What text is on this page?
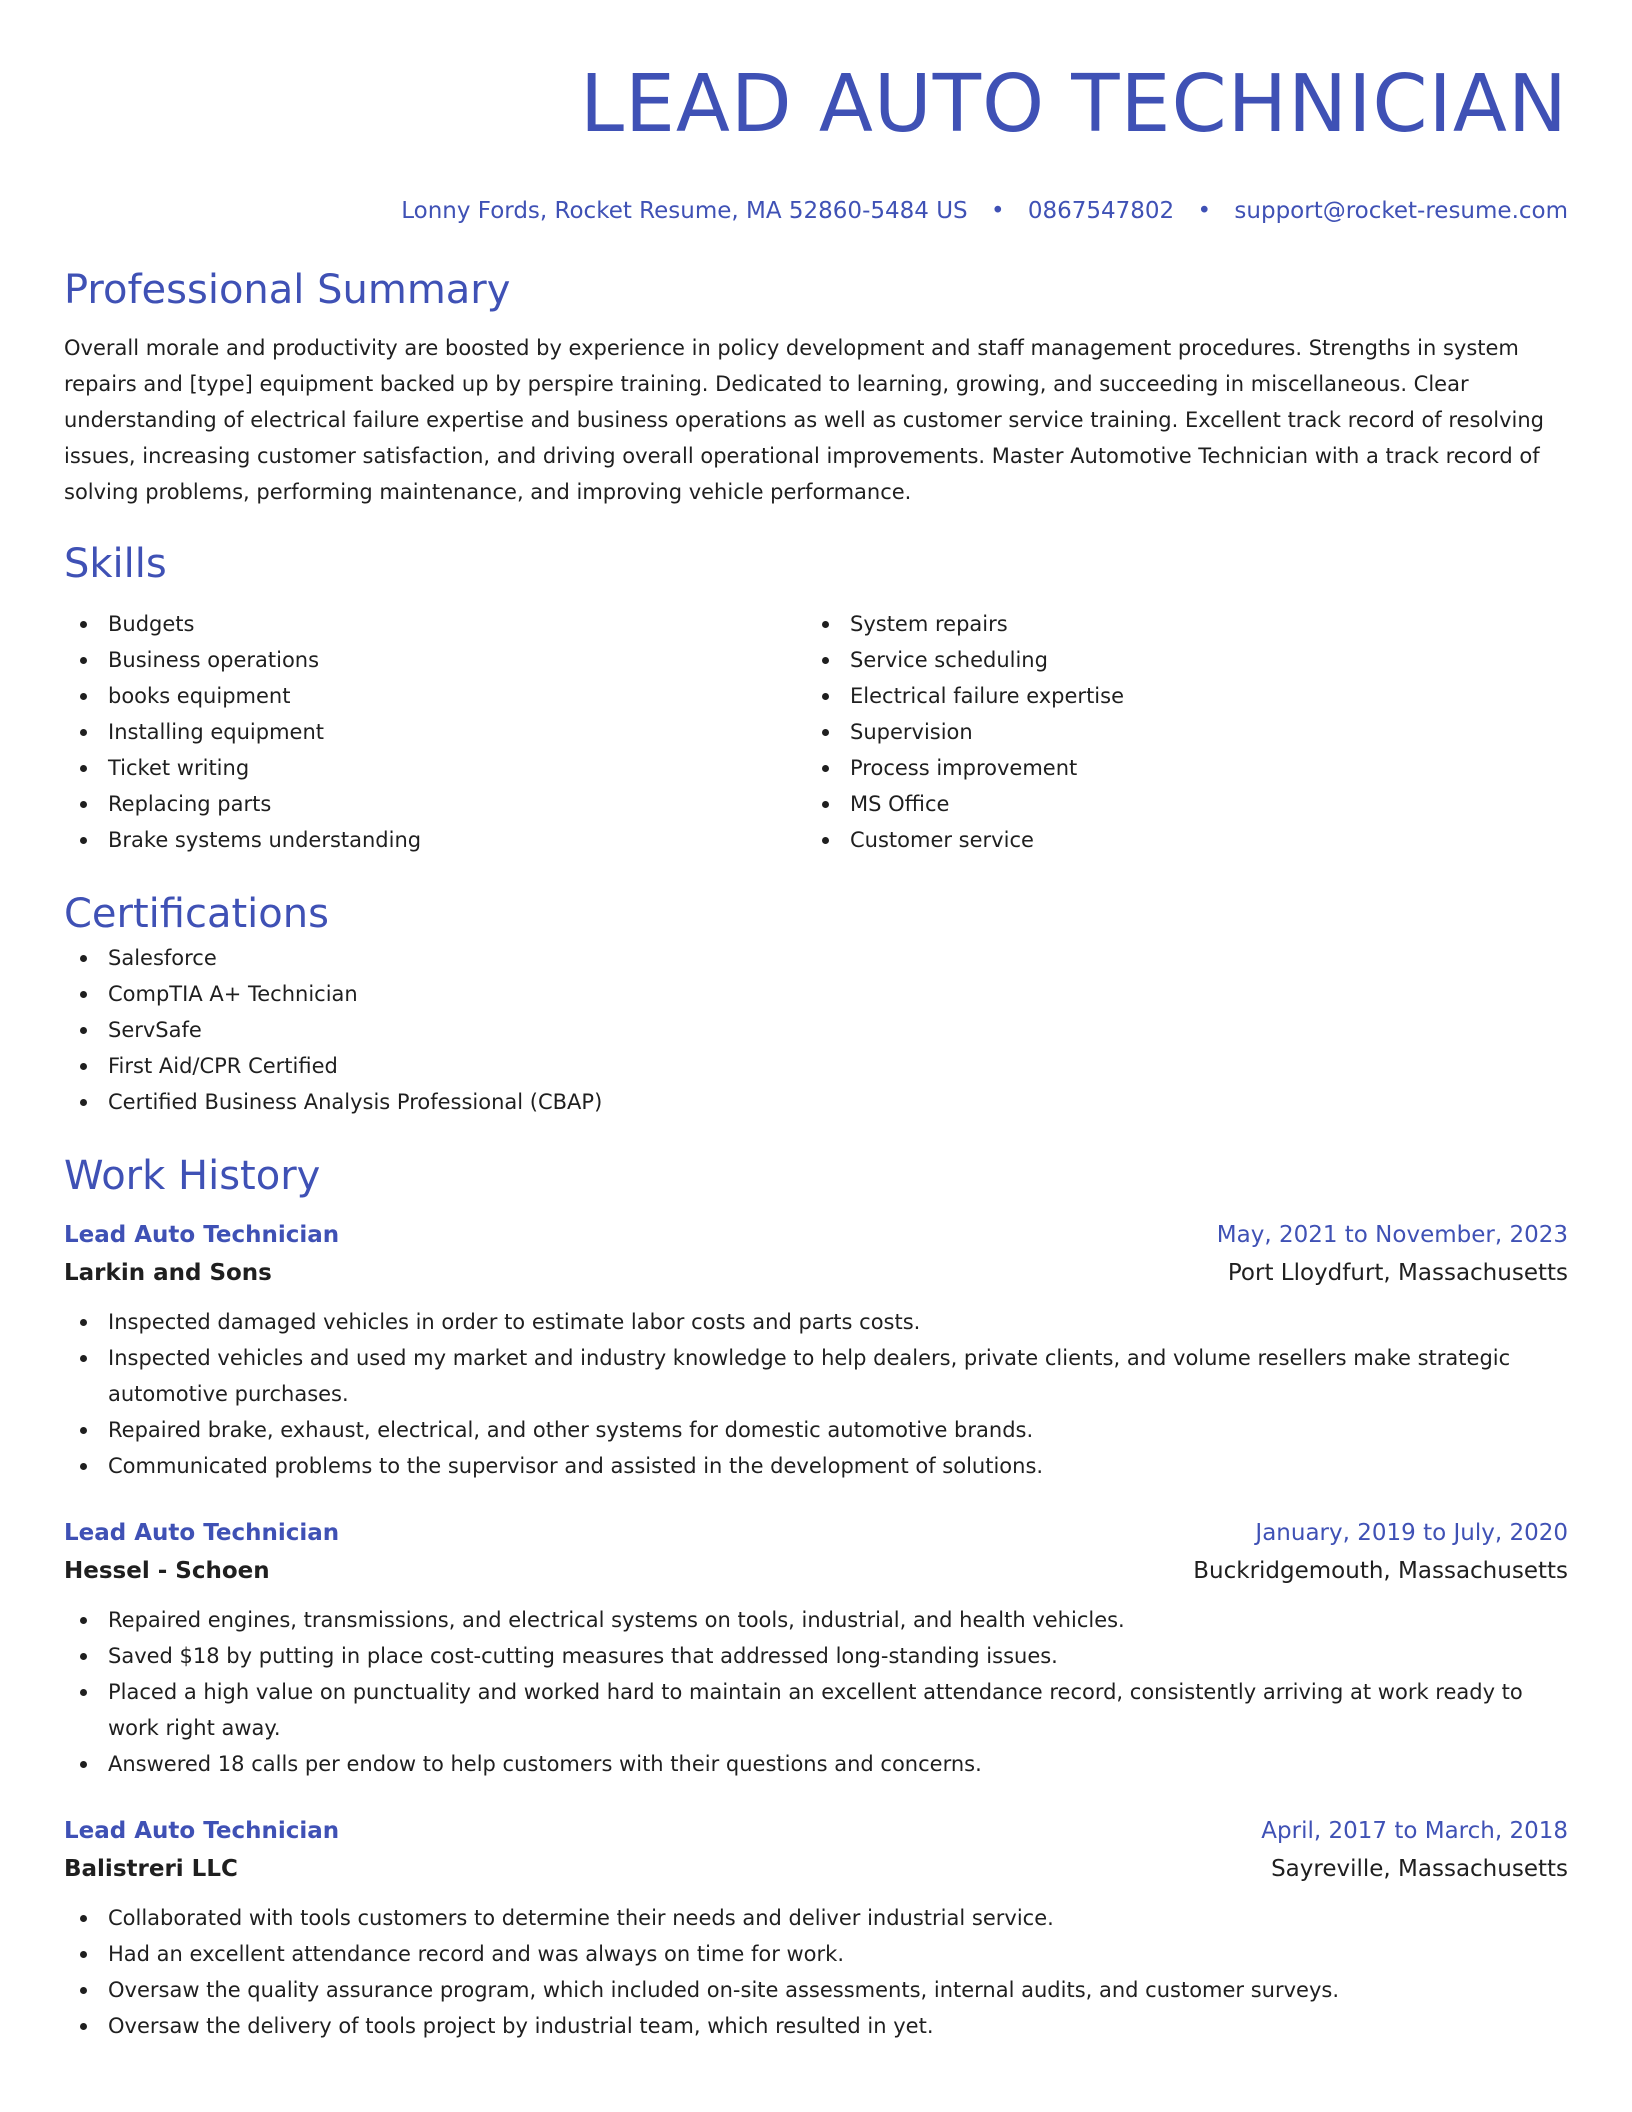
LEAD AUTO TECHNICIAN
Lonny Fords, Rocket Resume, MA 52860-5484 US • 0867547802 • support@rocket-resume.com
Professional Summary
Overall morale and productivity are boosted by experience in policy development and staff management procedures. Strengths in system repairs and [type] equipment backed up by perspire training. Dedicated to learning, growing, and succeeding in miscellaneous. Clear understanding of electrical failure expertise and business operations as well as customer service training. Excellent track record of resolving issues, increasing customer satisfaction, and driving overall operational improvements. Master Automotive Technician with a track record of solving problems, performing maintenance, and improving vehicle performance.
Skills
Budgets
Business operations
books equipment
Installing equipment
Ticket writing
Replacing parts
Brake systems understanding
System repairs
Service scheduling
Electrical failure expertise
Supervision
Process improvement
MS Office
Customer service
Certifications
Salesforce
CompTIA A+ Technician
ServSafe
First Aid/CPR Certified
Certified Business Analysis Professional (CBAP)
Work History
Lead Auto Technician	May, 2021 to November, 2023
Larkin and Sons	Port Lloydfurt, Massachusetts
Inspected damaged vehicles in order to estimate labor costs and parts costs.
Inspected vehicles and used my market and industry knowledge to help dealers, private clients, and volume resellers make strategic automotive purchases.
Repaired brake, exhaust, electrical, and other systems for domestic automotive brands.
Communicated problems to the supervisor and assisted in the development of solutions.
Lead Auto Technician	January, 2019 to July, 2020
Hessel - Schoen	Buckridgemouth, Massachusetts
Repaired engines, transmissions, and electrical systems on tools, industrial, and health vehicles.
Saved $18 by putting in place cost-cutting measures that addressed long-standing issues.
Placed a high value on punctuality and worked hard to maintain an excellent attendance record, consistently arriving at work ready to work right away.
Answered 18 calls per endow to help customers with their questions and concerns.
Lead Auto Technician	April, 2017 to March, 2018
Balistreri LLC	Sayreville, Massachusetts
Collaborated with tools customers to determine their needs and deliver industrial service.
Had an excellent attendance record and was always on time for work.
Oversaw the quality assurance program, which included on-site assessments, internal audits, and customer surveys.
Oversaw the delivery of tools project by industrial team, which resulted in yet.
